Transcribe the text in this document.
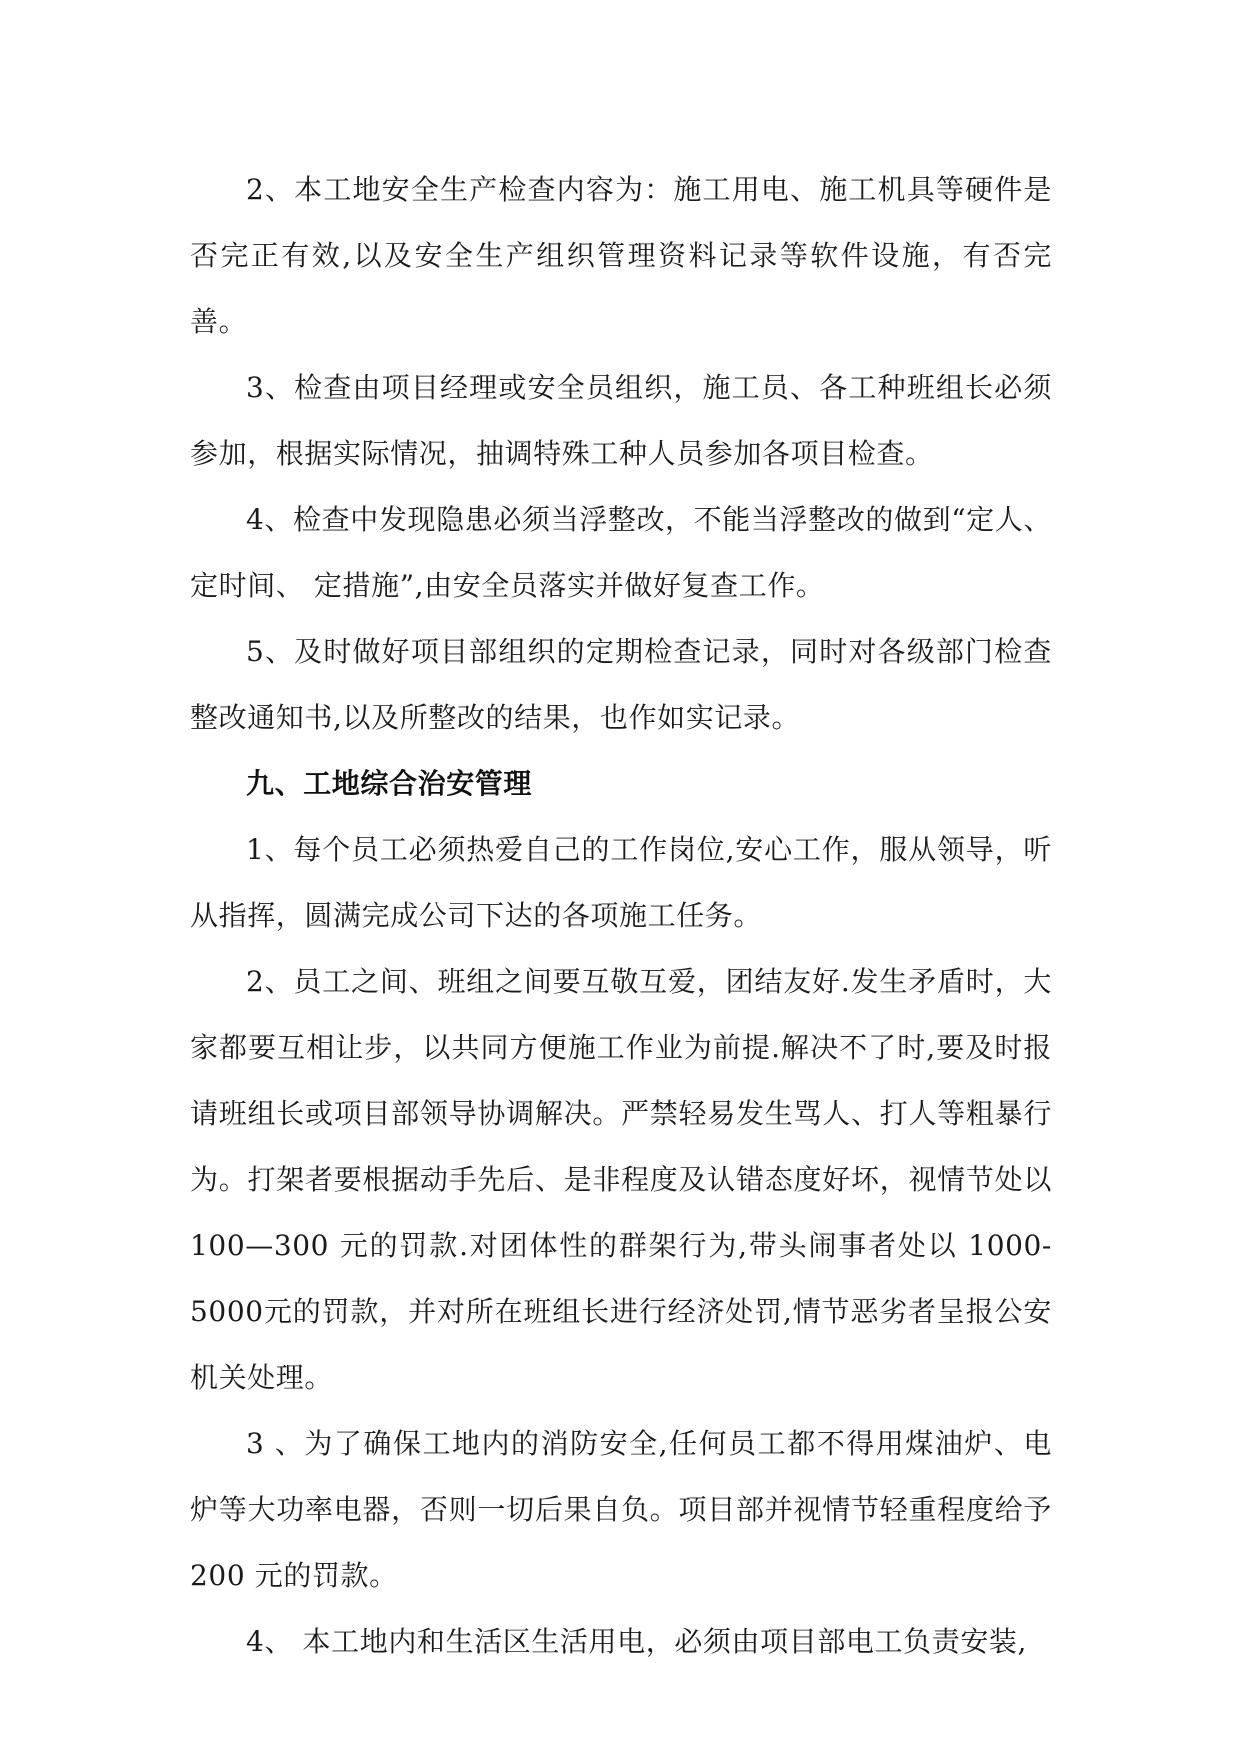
2、本工地安全生产检查内容为：施工用电、施工机具等硬件是否完正有效,以及安全生产组织管理资料记录等软件设施，有否完善。

3、检查由项目经理或安全员组织，施工员、各工种班组长必须参加，根据实际情况，抽调特殊工种人员参加各项目检查。

4、检查中发现隐患必须当浮整改，不能当浮整改的做到“定人、定时间、 定措施”,由安全员落实并做好复查工作。

5、及时做好项目部组织的定期检查记录，同时对各级部门检查整改通知书,以及所整改的结果，也作如实记录。

九、工地综合治安管理

1、每个员工必须热爱自己的工作岗位,安心工作，服从领导，听从指挥，圆满完成公司下达的各项施工任务。

2、员工之间、班组之间要互敬互爱，团结友好.发生矛盾时，大家都要互相让步，以共同方便施工作业为前提.解决不了时,要及时报请班组长或项目部领导协调解决。严禁轻易发生骂人、打人等粗暴行为。打架者要根据动手先后、是非程度及认错态度好坏，视情节处以100—300 元的罚款.对团体性的群架行为,带头闹事者处以 1000-5000元的罚款，并对所在班组长进行经济处罚,情节恶劣者呈报公安机关处理。

3 、为了确保工地内的消防安全,任何员工都不得用煤油炉、电炉等大功率电器，否则一切后果自负。项目部并视情节轻重程度给予200 元的罚款。

4、 本工地内和生活区生活用电，必须由项目部电工负责安装,
